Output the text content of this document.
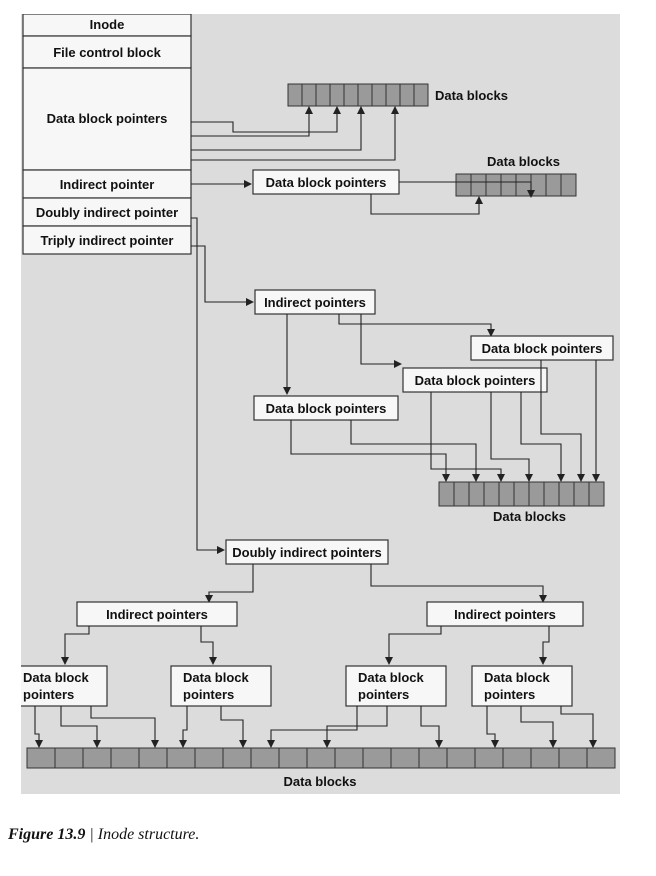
Inode
File control block
Data block pointers
Indirect pointer
Doubly indirect pointer
Triply indirect pointer
Data blocks
Data block pointers
Data blocks
Indirect pointers
Data block pointers
Data block pointers
Data block pointers
Data blocks
Doubly indirect pointers
Indirect pointers	Indirect pointers
Data block
pointers
Data block
pointers
Data block
pointers
Data block
pointers
Data blocks

Figure 13.9 | Inode structure.
